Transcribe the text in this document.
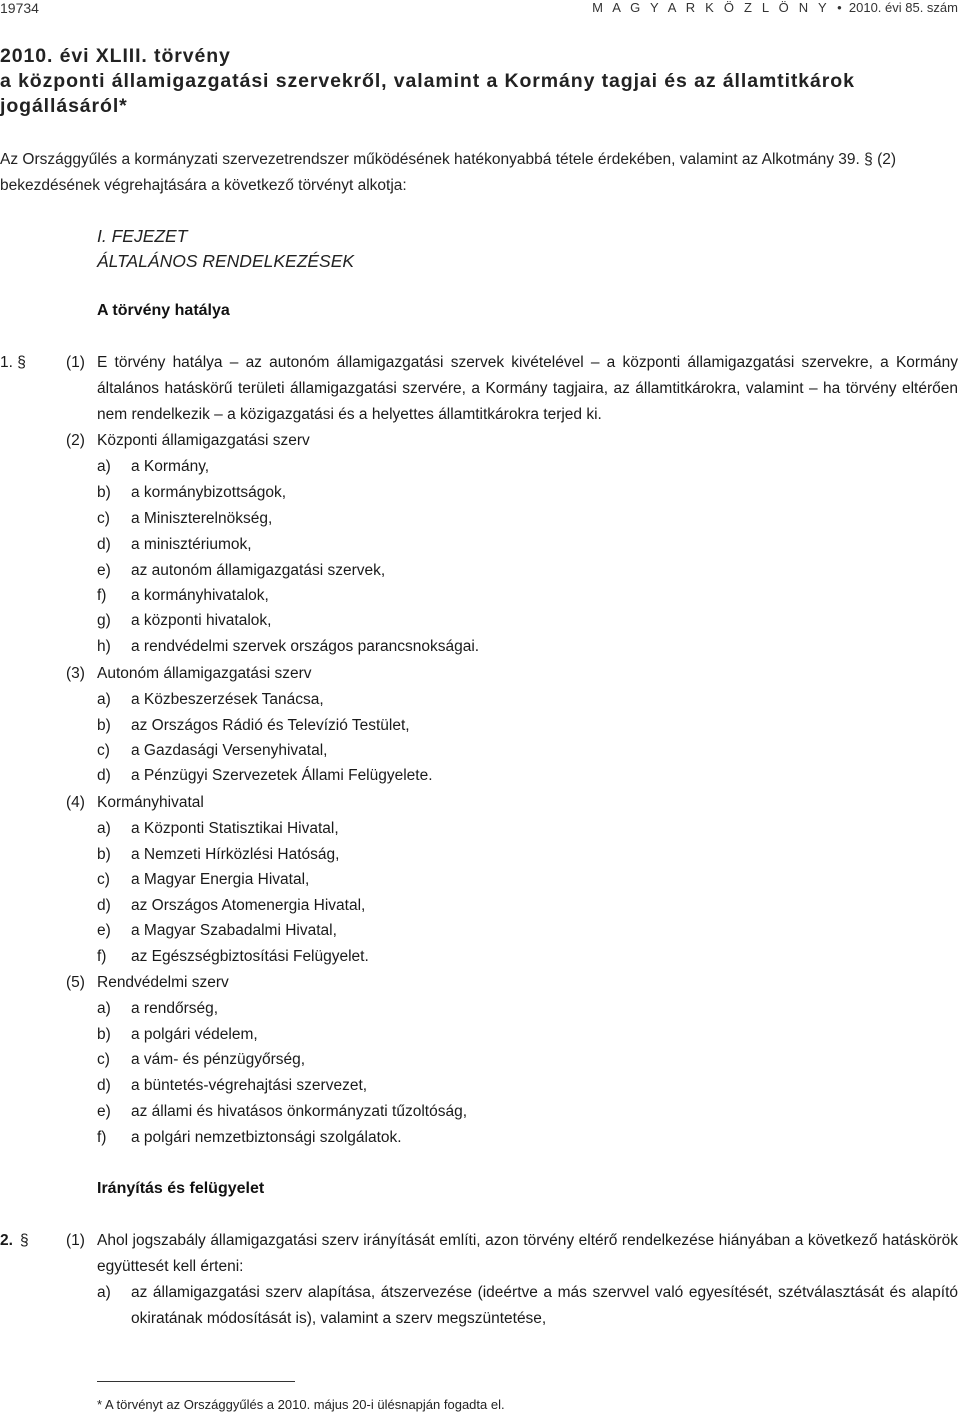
19734	M A G Y A R K Ö Z L Ö N Y  •  2010. évi 85. szám
2010. évi XLIII. törvény
a központi államigazgatási szervekről, valamint a Kormány tagjai és az államtitkárok
jogállásáról*
Az Országgyűlés a kormányzati szervezetrendszer működésének hatékonyabbá tétele érdekében, valamint az Alkotmány 39. § (2) bekezdésének végrehajtására a következő törvényt alkotja:
I. FEJEZET
ÁLTALÁNOS RENDELKEZÉSEK
A törvény hatálya
1. §	(1) E törvény hatálya – az autonóm államigazgatási szervek kivételével – a központi államigazgatási szervekre, a Kormány általános hatáskörű területi államigazgatási szervére, a Kormány tagjaira, az államtitkárokra, valamint – ha törvény eltérően nem rendelkezik – a közigazgatási és a helyettes államtitkárokra terjed ki.
(2) Központi államigazgatási szerv
a) a Kormány,
b) a kormánybizottságok,
c) a Miniszterelnökség,
d) a minisztériumok,
e) az autonóm államigazgatási szervek,
f) a kormányhivatalok,
g) a központi hivatalok,
h) a rendvédelmi szervek országos parancsnokságai.
(3) Autonóm államigazgatási szerv
a) a Közbeszerzések Tanácsa,
b) az Országos Rádió és Televízió Testület,
c) a Gazdasági Versenyhivatal,
d) a Pénzügyi Szervezetek Állami Felügyelete.
(4) Kormányhivatal
a) a Központi Statisztikai Hivatal,
b) a Nemzeti Hírközlési Hatóság,
c) a Magyar Energia Hivatal,
d) az Országos Atomenergia Hivatal,
e) a Magyar Szabadalmi Hivatal,
f) az Egészségbiztosítási Felügyelet.
(5) Rendvédelmi szerv
a) a rendőrség,
b) a polgári védelem,
c) a vám- és pénzügyőrség,
d) a büntetés-végrehajtási szervezet,
e) az állami és hivatásos önkormányzati tűzoltóság,
f) a polgári nemzetbiztonsági szolgálatok.
Irányítás és felügyelet
2. § (1) Ahol jogszabály államigazgatási szerv irányítását említi, azon törvény eltérő rendelkezése hiányában a következő hatáskörök együttesét kell érteni:
a) az államigazgatási szerv alapítása, átszervezése (ideértve a más szervvel való egyesítését, szétválasztását és alapító okiratának módosítását is), valamint a szerv megszüntetése,
* A törvényt az Országgyűlés a 2010. május 20-i ülésnapján fogadta el.
